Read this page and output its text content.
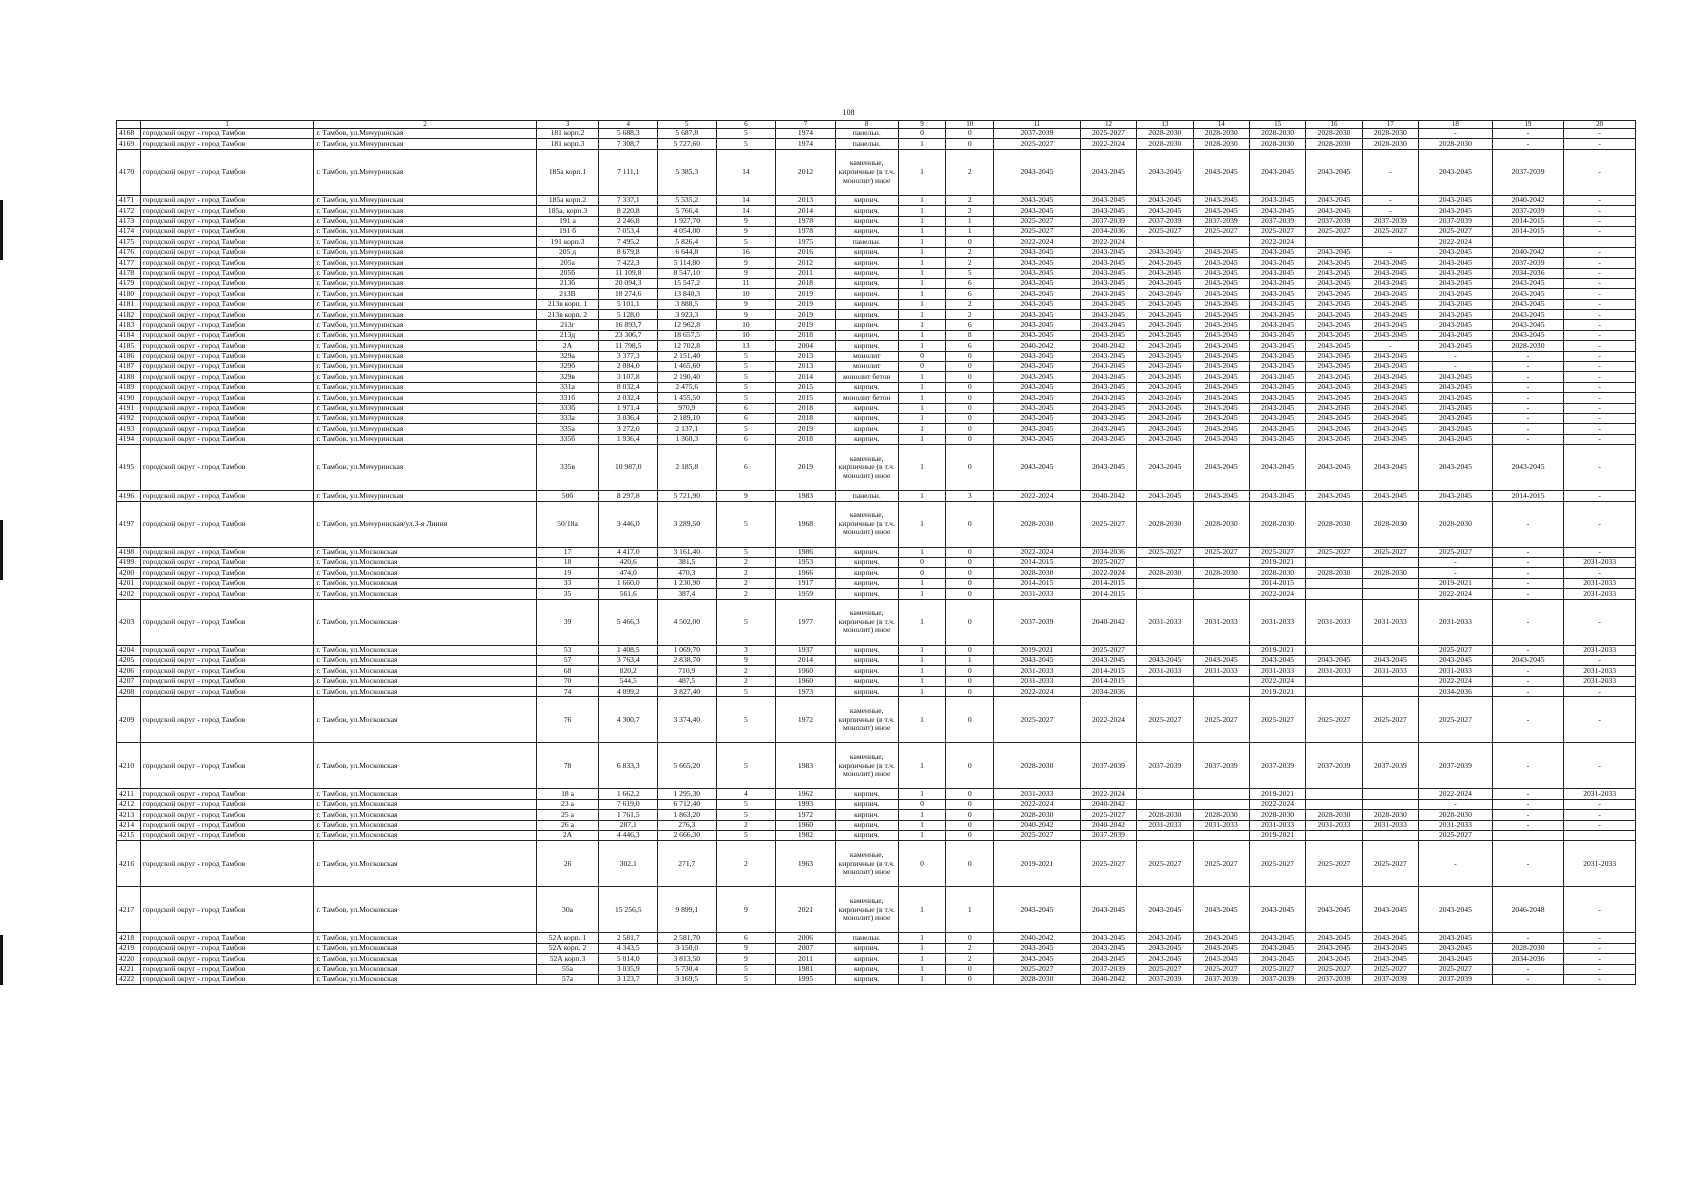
108
	1	2	3	4	5	6	7	8	9	10	11	12	13	14	15	16	17	18	19	20
4168	городской округ - город Тамбов	г. Тамбов, ул.Мичуринская	181 корп.2	5 688,3	5 687,8	5	1974	панельн.	0	0	2037-2039	2025-2027	2028-2030	2028-2030	2028-2030	2028-2030	2028-2030	-	-	-
4169	городской округ - город Тамбов	г. Тамбов, ул.Мичуринская	181 корп.3	7 308,7	5 727,60	5	1974	панельн.	1	0	2025-2027	2022-2024	2028-2030	2028-2030	2028-2030	2028-2030	2028-2030	2028-2030	-	-
4170	городской округ - город Тамбов	г. Тамбов, ул.Мичуринская	185а корп.1	7 111,1	5 385,3	14	2012	каменные, кирпичные (в т.ч. монолит) иное	1	2	2043-2045	2043-2045	2043-2045	2043-2045	2043-2045	2043-2045	-	2043-2045	2037-2039	-
4171	городской округ - город Тамбов	г. Тамбов, ул.Мичуринская	185а корп.2	7 337,1	5 535,2	14	2013	кирпич.	1	2	2043-2045	2043-2045	2043-2045	2043-2045	2043-2045	2043-2045	-	2043-2045	2040-2042	-
4172	городской округ - город Тамбов	г. Тамбов, ул.Мичуринская	185а, корп.3	8 220,8	5 766,4	14	2014	кирпич.	1	2	2043-2045	2043-2045	2043-2045	2043-2045	2043-2045	2043-2045	-	2043-2045	2037-2039	-
4173	городской округ - город Тамбов	г. Тамбов, ул.Мичуринская	191 а	2 246,8	1 927,70	9	1978	кирпич.	1	1	2025-2027	2037-2039	2037-2039	2037-2039	2037-2039	2037-2039	2037-2039	2037-2039	2014-2015	-
4174	городской округ - город Тамбов	г. Тамбов, ул.Мичуринская	191 б	7 053,4	4 054,00	9	1978	кирпич.	1	1	2025-2027	2034-2036	2025-2027	2025-2027	2025-2027	2025-2027	2025-2027	2025-2027	2014-2015	-
4175	городской округ - город Тамбов	г. Тамбов, ул.Мичуринская	191 корп.3	7 495,2	5 826,4	5	1975	панельн.	1	0	2022-2024	2022-2024			2022-2024			2022-2024		
4176	городской округ - город Тамбов	г. Тамбов, ул.Мичуринская	205 д	8 679,8	6 644,8	16	2016	кирпич.	1	2	2043-2045	2043-2045	2043-2045	2043-2045	2043-2045	2043-2045	-	2043-2045	2040-2042	-
4177	городской округ - город Тамбов	г. Тамбов, ул.Мичуринская	205а	7 422,3	5 114,80	9	2012	кирпич.	1	2	2043-2045	2043-2045	2043-2045	2043-2045	2043-2045	2043-2045	2043-2045	2043-2045	2037-2039	-
4178	городской округ - город Тамбов	г. Тамбов, ул.Мичуринская	205б	11 109,8	8 547,10	9	2011	кирпич.	1	5	2043-2045	2043-2045	2043-2045	2043-2045	2043-2045	2043-2045	2043-2045	2043-2045	2034-2036	-
4179	городской округ - город Тамбов	г. Тамбов, ул.Мичуринская	213б	20 094,3	15 547,2	11	2018	кирпич.	1	6	2043-2045	2043-2045	2043-2045	2043-2045	2043-2045	2043-2045	2043-2045	2043-2045	2043-2045	-
4180	городской округ - город Тамбов	г. Тамбов, ул.Мичуринская	213В	18 274,6	13 840,3	10	2019	кирпич.	1	6	2043-2045	2043-2045	2043-2045	2043-2045	2043-2045	2043-2045	2043-2045	2043-2045	2043-2045	-
4181	городской округ - город Тамбов	г. Тамбов, ул.Мичуринская	213в корп. 1	5 101,1	3 888,5	9	2019	кирпич.	1	2	2043-2045	2043-2045	2043-2045	2043-2045	2043-2045	2043-2045	2043-2045	2043-2045	2043-2045	-
4182	городской округ - город Тамбов	г. Тамбов, ул.Мичуринская	213в корп. 2	5 128,0	3 923,3	9	2019	кирпич.	1	2	2043-2045	2043-2045	2043-2045	2043-2045	2043-2045	2043-2045	2043-2045	2043-2045	2043-2045	-
4183	городской округ - город Тамбов	г. Тамбов, ул.Мичуринская	213г	16 893,7	12 962,8	10	2019	кирпич.	1	6	2043-2045	2043-2045	2043-2045	2043-2045	2043-2045	2043-2045	2043-2045	2043-2045	2043-2045	-
4184	городской округ - город Тамбов	г. Тамбов, ул.Мичуринская	213д	23 306,7	18 657,5	10	2018	кирпич.	1	8	2043-2045	2043-2045	2043-2045	2043-2045	2043-2045	2043-2045	2043-2045	2043-2045	2043-2045	-
4185	городской округ - город Тамбов	г. Тамбов, ул.Мичуринская	2А	11 798,5	12 702,8	13	2004	кирпич.	1	6	2040-2042	2040-2042	2043-2045	2043-2045	2043-2045	2043-2045	-	2043-2045	2028-2030	-
4186	городской округ - город Тамбов	г. Тамбов, ул.Мичуринская	329а	3 377,3	2 151,40	5	2013	монолит	0	0	2043-2045	2043-2045	2043-2045	2043-2045	2043-2045	2043-2045	2043-2045	-	-	-
4187	городской округ - город Тамбов	г. Тамбов, ул.Мичуринская	329б	2 084,0	1 465,60	5	2013	монолит	0	0	2043-2045	2043-2045	2043-2045	2043-2045	2043-2045	2043-2045	2043-2045	-	-	-
4188	городской округ - город Тамбов	г. Тамбов, ул.Мичуринская	329в	3 107,8	2 190,40	5	2014	монолит бетон	1	0	2043-2045	2043-2045	2043-2045	2043-2045	2043-2045	2043-2045	2043-2045	2043-2045	-	-
4189	городской округ - город Тамбов	г. Тамбов, ул.Мичуринская	331а	8 032,4	2 475,6	5	2015	кирпич.	1	0	2043-2045	2043-2045	2043-2045	2043-2045	2043-2045	2043-2045	2043-2045	2043-2045	-	-
4190	городской округ - город Тамбов	г. Тамбов, ул.Мичуринская	331б	2 032,4	1 455,50	5	2015	монолит бетон	1	0	2043-2045	2043-2045	2043-2045	2043-2045	2043-2045	2043-2045	2043-2045	2043-2045	-	-
4191	городской округ - город Тамбов	г. Тамбов, ул.Мичуринская	333б	1 971,4	970,9	6	2018	кирпич.	1	0	2043-2045	2043-2045	2043-2045	2043-2045	2043-2045	2043-2045	2043-2045	2043-2045	-	-
4192	городской округ - город Тамбов	г. Тамбов, ул.Мичуринская	333а	3 036,4	2 189,10	6	2018	кирпич.	1	0	2043-2045	2043-2045	2043-2045	2043-2045	2043-2045	2043-2045	2043-2045	2043-2045	-	-
4193	городской округ - город Тамбов	г. Тамбов, ул.Мичуринская	335а	3 272,0	2 137,1	5	2019	кирпич.	1	0	2043-2045	2043-2045	2043-2045	2043-2045	2043-2045	2043-2045	2043-2045	2043-2045	-	-
4194	городской округ - город Тамбов	г. Тамбов, ул.Мичуринская	335б	1 936,4	1 360,3	6	2018	кирпич.	1	0	2043-2045	2043-2045	2043-2045	2043-2045	2043-2045	2043-2045	2043-2045	2043-2045	-	-
4195	городской округ - город Тамбов	г. Тамбов, ул.Мичуринская	335в	10 987,0	2 185,8	6	2019	каменные, кирпичные (в т.ч. монолит) иное	1	0	2043-2045	2043-2045	2043-2045	2043-2045	2043-2045	2043-2045	2043-2045	2043-2045	2043-2045	-
4196	городской округ - город Тамбов	г. Тамбов, ул.Мичуринская	50б	8 297,8	5 721,90	9	1983	панельн.	1	3	2022-2024	2040-2042	2043-2045	2043-2045	2043-2045	2043-2045	2043-2045	2043-2045	2014-2015	-
4197	городской округ - город Тамбов	г. Тамбов, ул.Мичуринская/ул.3-я Линия	50/18а	3 446,0	3 289,50	5	1968	каменные, кирпичные (в т.ч. монолит) иное	1	0	2028-2030	2025-2027	2028-2030	2028-2030	2028-2030	2028-2030	2028-2030	2028-2030	-	-
4198	городской округ - город Тамбов	г. Тамбов, ул.Московская	17	4 417,0	3 161,40	5	1986	кирпич.	1	0	2022-2024	2034-2036	2025-2027	2025-2027	2025-2027	2025-2027	2025-2027	2025-2027	-	-
4199	городской округ - город Тамбов	г. Тамбов, ул.Московская	18	420,6	381,5	2	1953	кирпич.	0	0	2014-2015	2025-2027			2019-2021			-	-	2031-2033
4200	городской округ - город Тамбов	г. Тамбов, ул.Московская	19	474,0	470,3	2	1966	кирпич.	0	0	2028-2030	2022-2024	2028-2030	2028-2030	2028-2030	2028-2030	2028-2030	-	-	-
4201	городской округ - город Тамбов	г. Тамбов, ул.Московская	33	1 660,0	1 230,90	2	1917	кирпич.	1	0	2014-2015	2014-2015			2014-2015			2019-2021	-	2031-2033
4202	городской округ - город Тамбов	г. Тамбов, ул.Московская	35	561,6	387,4	2	1959	кирпич.	1	0	2031-2033	2014-2015			2022-2024			2022-2024	-	2031-2033
4203	городской округ - город Тамбов	г. Тамбов, ул.Московская	39	5 466,3	4 502,00	5	1977	каменные, кирпичные (в т.ч. монолит) иное	1	0	2037-2039	2040-2042	2031-2033	2031-2033	2031-2033	2031-2033	2031-2033	2031-2033	-	-
4204	городской округ - город Тамбов	г. Тамбов, ул.Московская	53	1 408,5	1 069,70	3	1937	кирпич.	1	0	2019-2021	2025-2027			2019-2021			2025-2027	-	2031-2033
4205	городской округ - город Тамбов	г. Тамбов, ул.Московская	57	3 763,4	2 838,70	9	2014	кирпич.	1	1	2043-2045	2043-2045	2043-2045	2043-2045	2043-2045	2043-2045	2043-2045	2043-2045	2043-2045	-
4206	городской округ - город Тамбов	г. Тамбов, ул.Московская	68	820,2	710,9	2	1960	кирпич.	1	0	2031-2033	2014-2015	2031-2033	2031-2033	2031-2033	2031-2033	2031-2033	2031-2033	-	2031-2033
4207	городской округ - город Тамбов	г. Тамбов, ул.Московская	70	544,5	487,5	2	1960	кирпич.	1	0	2031-2033	2014-2015			2022-2024			2022-2024	-	2031-2033
4208	городской округ - город Тамбов	г. Тамбов, ул.Московская	74	4 099,2	3 827,40	5	1973	кирпич.	1	0	2022-2024	2034-2036			2019-2021			2034-2036	-	-
4209	городской округ - город Тамбов	г. Тамбов, ул.Московская	76	4 300,7	3 374,40	5	1972	каменные, кирпичные (в т.ч. монолит) иное	1	0	2025-2027	2022-2024	2025-2027	2025-2027	2025-2027	2025-2027	2025-2027	2025-2027	-	-
4210	городской округ - город Тамбов	г. Тамбов, ул.Московская	78	6 833,3	5 665,20	5	1983	каменные, кирпичные (в т.ч. монолит) иное	1	0	2028-2030	2037-2039	2037-2039	2037-2039	2037-2039	2037-2039	2037-2039	2037-2039	-	-
4211	городской округ - город Тамбов	г. Тамбов, ул.Московская	18 а	1 662,2	1 295,30	4	1962	кирпич.	1	0	2031-2033	2022-2024			2019-2021			2022-2024	-	2031-2033
4212	городской округ - город Тамбов	г. Тамбов, ул.Московская	23 а	7 619,0	6 712,40	5	1993	кирпич.	0	0	2022-2024	2040-2042			2022-2024			-	-	-
4213	городской округ - город Тамбов	г. Тамбов, ул.Московская	25 а	1 761,5	1 863,20	5	1972	кирпич.	1	0	2028-2030	2025-2027	2028-2030	2028-2030	2028-2030	2028-2030	2028-2030	2028-2030	-	-
4214	городской округ - город Тамбов	г. Тамбов, ул.Московская	26 а	287,1	276,3	2	1960	кирпич.	1	0	2040-2042	2040-2042	2031-2033	2031-2033	2031-2033	2031-2033	2031-2033	2031-2033	-	-
4215	городской округ - город Тамбов	г. Тамбов, ул.Московская	2А	4 446,3	2 666,30	5	1982	кирпич.	1	0	2025-2027	2037-2039			2019-2021			2025-2027		
4216	городской округ - город Тамбов	г. Тамбов, ул.Московская	26	302,1	271,7	2	1963	каменные, кирпичные (в т.ч. монолит) иное	0	0	2019-2021	2025-2027	2025-2027	2025-2027	2025-2027	2025-2027	2025-2027	-	-	2031-2033
4217	городской округ - город Тамбов	г. Тамбов, ул.Московская	30а	15 256,5	9 899,1	9	2021	каменные, кирпичные (в т.ч. монолит) иное	1	1	2043-2045	2043-2045	2043-2045	2043-2045	2043-2045	2043-2045	2043-2045	2043-2045	2046-2048	-
4218	городской округ - город Тамбов	г. Тамбов, ул.Московская	52А корп. 1	2 581,7	2 581,70	6	2006	панельн.	1	0	2040-2042	2043-2045	2043-2045	2043-2045	2043-2045	2043-2045	2043-2045	2043-2045	-	-
4219	городской округ - город Тамбов	г. Тамбов, ул.Московская	52А корп. 2	4 343,5	3 150,0	9	2007	кирпич.	1	2	2043-2045	2043-2045	2043-2045	2043-2045	2043-2045	2043-2045	2043-2045	2043-2045	2028-2030	-
4220	городской округ - город Тамбов	г. Тамбов, ул.Московская	52А корп.3	5 014,0	3 813,50	9	2011	кирпич.	1	2	2043-2045	2043-2045	2043-2045	2043-2045	2043-2045	2043-2045	2043-2045	2043-2045	2034-2036	-
4221	городской округ - город Тамбов	г. Тамбов, ул.Московская	55а	3 035,9	5 730,4	5	1981	кирпич.	1	0	2025-2027	2037-2039	2025-2027	2025-2027	2025-2027	2025-2027	2025-2027	2025-2027	-	-
4222	городской округ - город Тамбов	г. Тамбов, ул.Московская	57а	3 123,7	3 169,5	5	1995	кирпич.	1	0	2028-2030	2040-2042	2037-2039	2037-2039	2037-2039	2037-2039	2037-2039	2037-2039	-	-
